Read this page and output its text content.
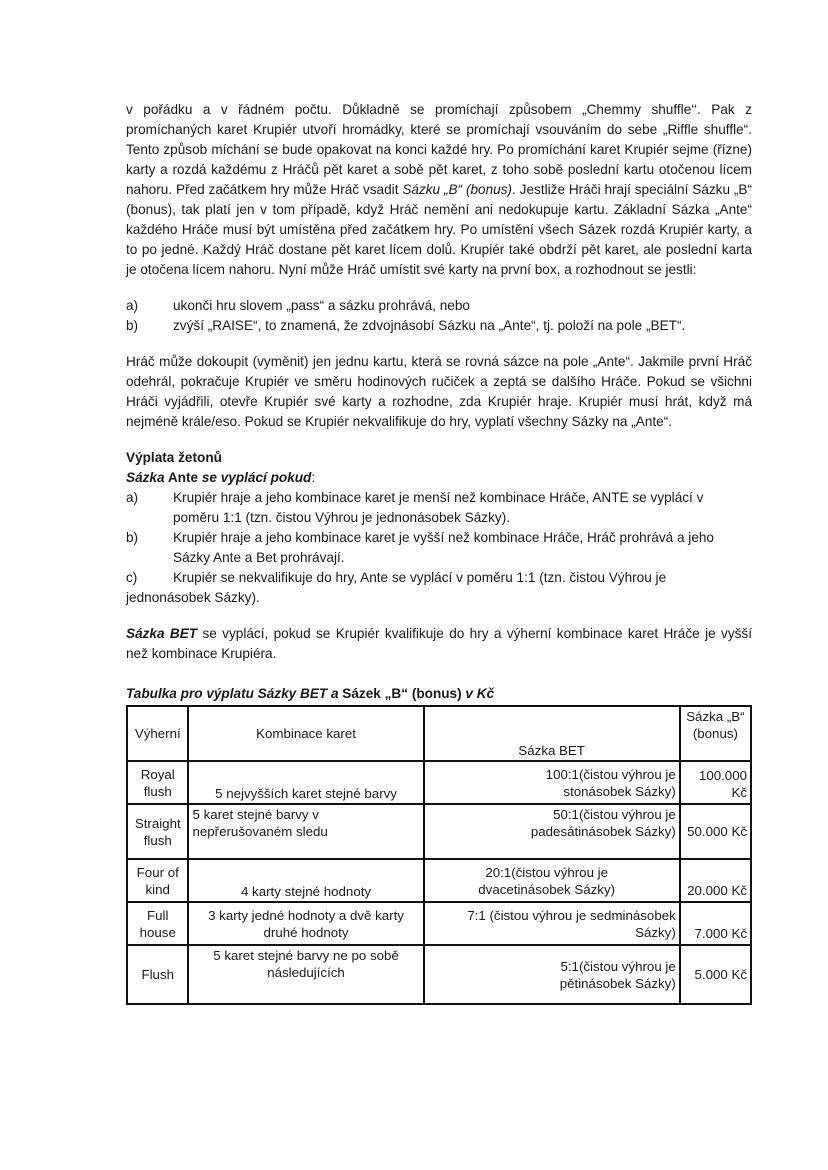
v pořádku a v řádném počtu. Důkladně se promíchají způsobem „Chemmy shuffle‘‘. Pak z promíchaných karet Krupiér utvoří hromádky, které se promíchají vsouváním do sebe „Riffle shuffle“. Tento způsob míchání se bude opakovat na konci každé hry. Po promíchání karet Krupiér sejme (řízne) karty a rozdá každému z Hráčů pět karet a sobě pět karet, z toho sobě poslední kartu otočenou lícem nahoru. Před začátkem hry může Hráč vsadit Sázku „B“ (bonus). Jestliže Hráči hrají speciální Sázku „B“ (bonus), tak platí jen v tom případě, když Hráč nemění ani nedokupuje kartu. Základní Sázka „Ante“ každého Hráče musí být umístěna před začátkem hry. Po umístění všech Sázek rozdá Krupiér karty, a to po jedné. Každý Hráč dostane pět karet lícem dolů. Krupiér také obdrží pět karet, ale poslední karta je otočena lícem nahoru. Nyní může Hráč umístit své karty na první box, a rozhodnout se jestli:

a)	ukonči hru slovem „pass“ a sázku prohrává, nebo
b)	zvýší „RAISE“, to znamená, že zdvojnásobí Sázku na „Ante“, tj. položí na pole „BET“.

Hráč může dokoupit (vyměnit) jen jednu kartu, která se rovná sázce na pole „Ante“. Jakmile první Hráč odehrál, pokračuje Krupiér ve směru hodinových ručiček a zeptá se dalšího Hráče. Pokud se všichni Hráči vyjádřili, otevře Krupiér své karty a rozhodne, zda Krupiér hraje. Krupiér musí hrát, když má nejméně krále/eso. Pokud se Krupiér nekvalifikuje do hry, vyplatí všechny Sázky na „Ante“.

Výplata žetonů

Sázka Ante se vyplácí pokud:

a)	Krupiér hraje a jeho kombinace karet je menší než kombinace Hráče, ANTE se vyplácí v poměru 1:1 (tzn. čistou Výhrou je jednonásobek Sázky).
b)	Krupiér hraje a jeho kombinace karet je vyšší než kombinace Hráče, Hráč prohrává a jeho Sázky Ante a Bet prohrávají.

c)	Krupiér se nekvalifikuje do hry, Ante se vyplácí v poměru 1:1 (tzn. čistou Výhrou je jednonásobek Sázky).

Sázka BET se vyplácí, pokud se Krupiér kvalifikuje do hry a výherní kombinace karet Hráče je vyšší než kombinace Krupiéra.

Tabulka pro výplatu Sázky BET a Sázek „B“ (bonus) v Kč

Výherní	Kombinace karet	Sázka BET	Sázka „B“ (bonus)
Royal flush	5 nejvyšších karet stejné barvy	100:1(čistou výhrou je stonásobek Sázky)	100.000 Kč
Straight flush	5 karet stejné barvy v nepřerušovaném sledu	50:1(čistou výhrou je padesátinásobek Sázky)	50.000 Kč
Four of kind	4 karty stejné hodnoty	20:1(čistou výhrou je dvacetinásobek Sázky)	20.000 Kč
Full house	3 karty jedné hodnoty a dvě karty druhé hodnoty	7:1 (čistou výhrou je sedminásobek Sázky)	7.000 Kč
Flush	5 karet stejné barvy ne po sobě následujících	5:1(čistou výhrou je pětinásobek Sázky)	5.000 Kč
